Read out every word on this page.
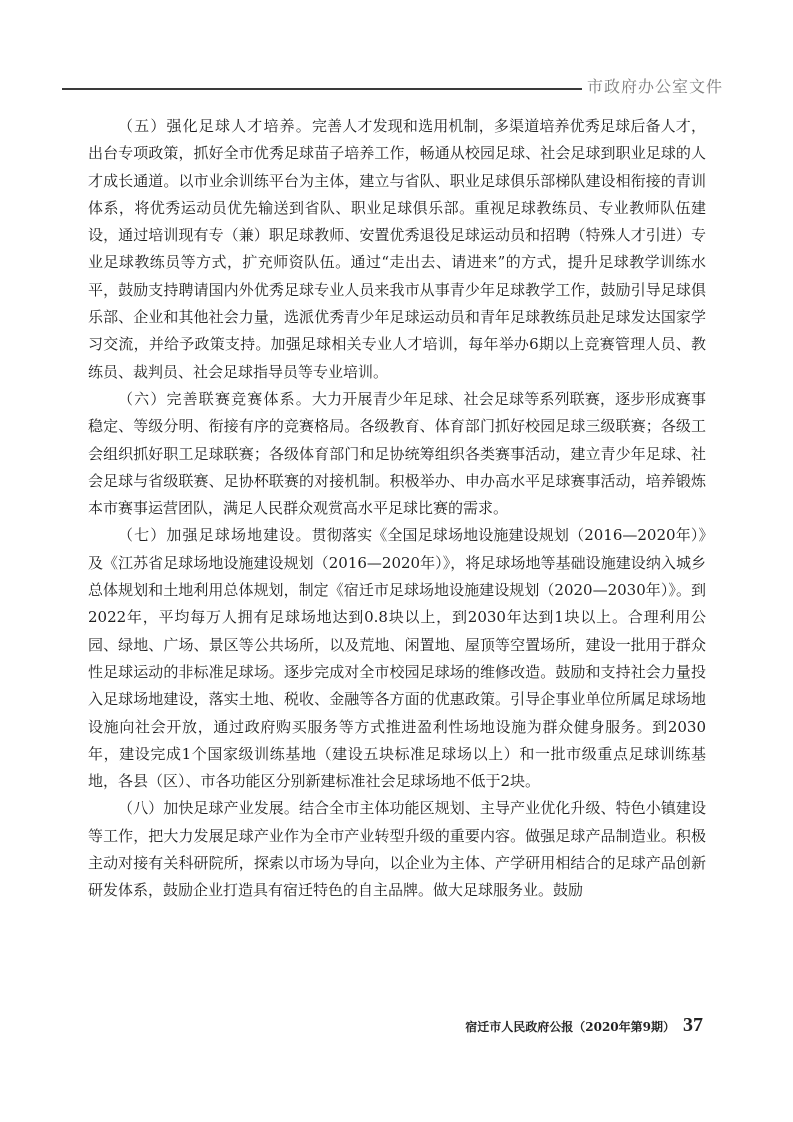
市政府办公室文件

（五）强化足球人才培养。完善人才发现和选用机制，多渠道培养优秀足球后备人才，出台专项政策，抓好全市优秀足球苗子培养工作，畅通从校园足球、社会足球到职业足球的人才成长通道。以市业余训练平台为主体，建立与省队、职业足球俱乐部梯队建设相衔接的青训体系，将优秀运动员优先输送到省队、职业足球俱乐部。重视足球教练员、专业教师队伍建设，通过培训现有专（兼）职足球教师、安置优秀退役足球运动员和招聘（特殊人才引进）专业足球教练员等方式，扩充师资队伍。通过“走出去、请进来”的方式，提升足球教学训练水平，鼓励支持聘请国内外优秀足球专业人员来我市从事青少年足球教学工作，鼓励引导足球俱乐部、企业和其他社会力量，选派优秀青少年足球运动员和青年足球教练员赴足球发达国家学习交流，并给予政策支持。加强足球相关专业人才培训，每年举办6期以上竞赛管理人员、教练员、裁判员、社会足球指导员等专业培训。

（六）完善联赛竞赛体系。大力开展青少年足球、社会足球等系列联赛，逐步形成赛事稳定、等级分明、衔接有序的竞赛格局。各级教育、体育部门抓好校园足球三级联赛；各级工会组织抓好职工足球联赛；各级体育部门和足协统筹组织各类赛事活动，建立青少年足球、社会足球与省级联赛、足协杯联赛的对接机制。积极举办、申办高水平足球赛事活动，培养锻炼本市赛事运营团队，满足人民群众观赏高水平足球比赛的需求。

（七）加强足球场地建设。贯彻落实《全国足球场地设施建设规划（2016—2020年）》及《江苏省足球场地设施建设规划（2016—2020年）》，将足球场地等基础设施建设纳入城乡总体规划和土地利用总体规划，制定《宿迁市足球场地设施建设规划（2020—2030年）》。到2022年，平均每万人拥有足球场地达到0.8块以上，到2030年达到1块以上。合理利用公园、绿地、广场、景区等公共场所，以及荒地、闲置地、屋顶等空置场所，建设一批用于群众性足球运动的非标准足球场。逐步完成对全市校园足球场的维修改造。鼓励和支持社会力量投入足球场地建设，落实土地、税收、金融等各方面的优惠政策。引导企事业单位所属足球场地设施向社会开放，通过政府购买服务等方式推进盈利性场地设施为群众健身服务。到2030年，建设完成1个国家级训练基地（建设五块标准足球场以上）和一批市级重点足球训练基地，各县（区）、市各功能区分别新建标准社会足球场地不低于2块。

（八）加快足球产业发展。结合全市主体功能区规划、主导产业优化升级、特色小镇建设等工作，把大力发展足球产业作为全市产业转型升级的重要内容。做强足球产品制造业。积极主动对接有关科研院所，探索以市场为导向，以企业为主体、产学研用相结合的足球产品创新研发体系，鼓励企业打造具有宿迁特色的自主品牌。做大足球服务业。鼓励

宿迁市人民政府公报（2020年第9期） 37
